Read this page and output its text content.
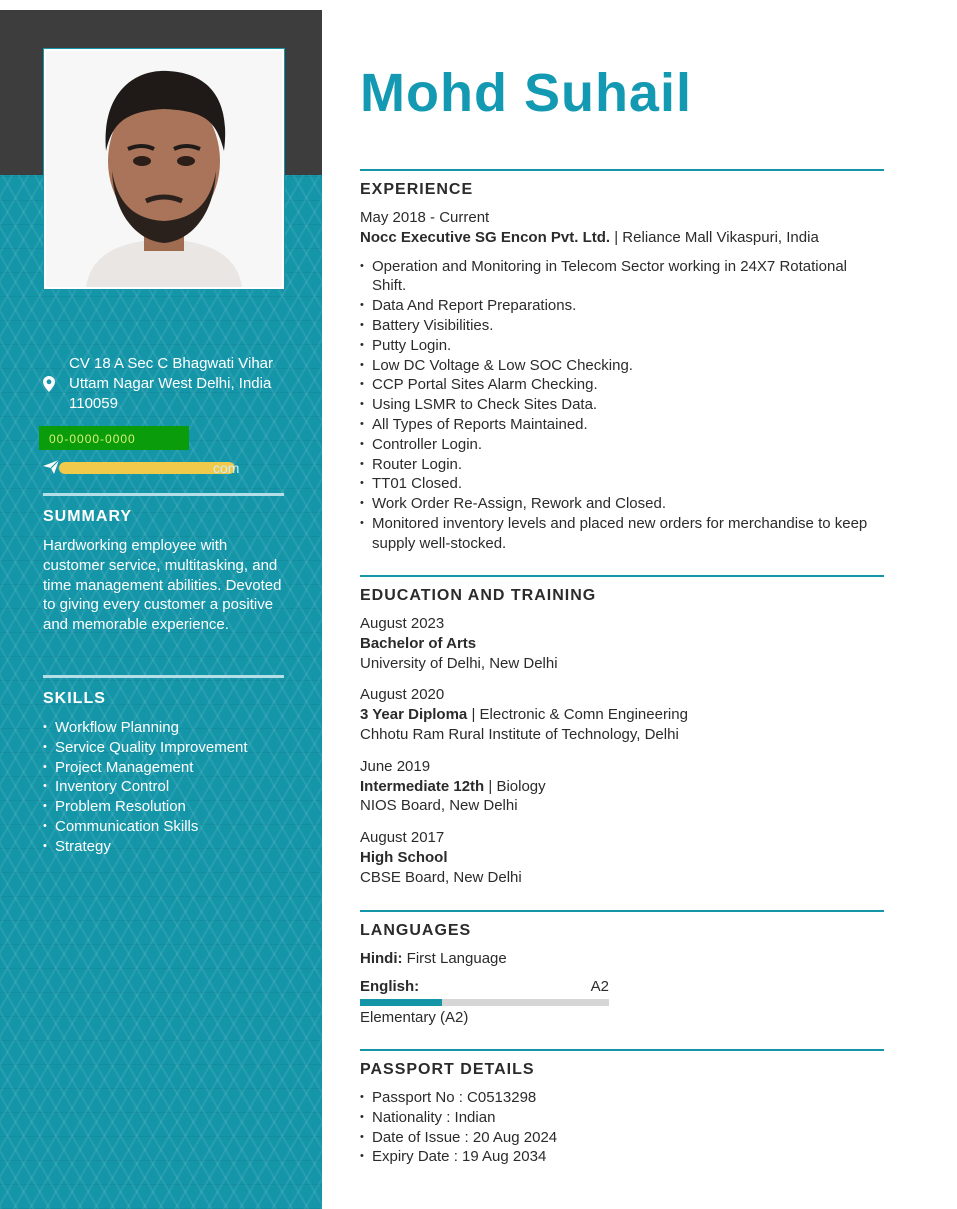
CV 18 A Sec C Bhagwati Vihar
Uttam Nagar West Delhi, India
110059
00-0000-0000
com
SUMMARY

Hardworking employee with customer service, multitasking, and time management abilities. Devoted to giving every customer a positive and memorable experience.

SKILLS
• Workflow Planning
• Service Quality Improvement
• Project Management
• Inventory Control
• Problem Resolution
• Communication Skills
• Strategy
Mohd Suhail
EXPERIENCE
May 2018 - Current
Nocc Executive SG Encon Pvt. Ltd. | Reliance Mall Vikaspuri, India
• Operation and Monitoring in Telecom Sector working in 24X7 Rotational Shift.
• Data And Report Preparations.
• Battery Visibilities.
• Putty Login.
• Low DC Voltage & Low SOC Checking.
• CCP Portal Sites Alarm Checking.
• Using LSMR to Check Sites Data.
• All Types of Reports Maintained.
• Controller Login.
• Router Login.
• TT01 Closed.
• Work Order Re-Assign, Rework and Closed.
• Monitored inventory levels and placed new orders for merchandise to keep supply well-stocked.
EDUCATION AND TRAINING
August 2023
Bachelor of Arts
University of Delhi, New Delhi
August 2020
3 Year Diploma | Electronic & Comn Engineering
Chhotu Ram Rural Institute of Technology, Delhi
June 2019
Intermediate 12th | Biology
NIOS Board, New Delhi
August 2017
High School
CBSE Board, New Delhi
LANGUAGES
Hindi: First Language
English:	A2
Elementary (A2)
PASSPORT DETAILS
• Passport No : C0513298
• Nationality : Indian
• Date of Issue : 20 Aug 2024
• Expiry Date : 19 Aug 2034
